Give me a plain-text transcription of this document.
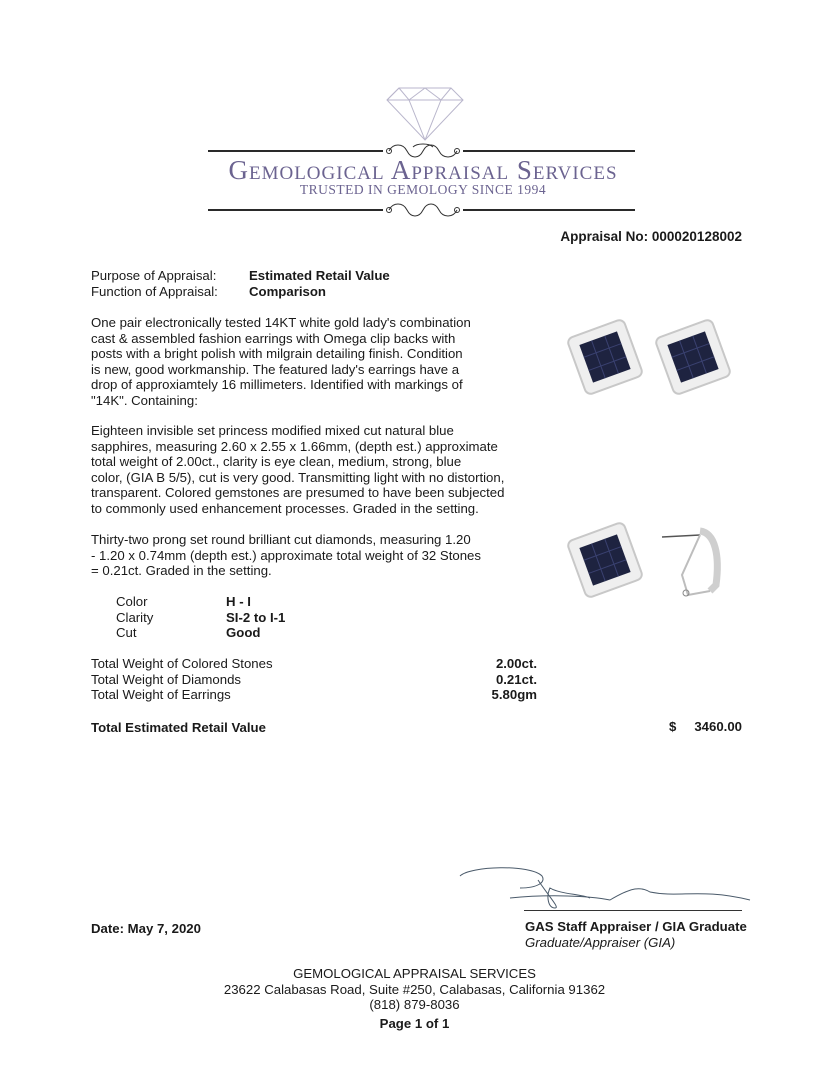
Gemological Appraisal Services
TRUSTED IN GEMOLOGY SINCE 1994
Appraisal No: 000020128002
Purpose of Appraisal: Estimated Retail Value
Function of Appraisal: Comparison
One pair electronically tested 14KT white gold lady's combination
cast & assembled fashion earrings with Omega clip backs with
posts with a bright polish with milgrain detailing finish. Condition
is new, good workmanship. The featured lady's earrings have a
drop of approxiamtely 16 millimeters. Identified with markings of
"14K". Containing:
Eighteen invisible set princess modified mixed cut natural blue
sapphires, measuring 2.60 x 2.55 x 1.66mm, (depth est.) approximate
total weight of 2.00ct., clarity is eye clean, medium, strong, blue
color, (GIA B 5/5), cut is very good. Transmitting light with no distortion,
transparent. Colored gemstones are presumed to have been subjected
to commonly used enhancement processes. Graded in the setting.
Thirty-two prong set round brilliant cut diamonds, measuring 1.20
- 1.20 x 0.74mm (depth est.) approximate total weight of 32 Stones
= 0.21ct. Graded in the setting.
Color	H - I
Clarity	SI-2 to I-1
Cut	Good
Total Weight of Colored Stones	2.00ct.
Total Weight of Diamonds	0.21ct.
Total Weight of Earrings	5.80gm
Total Estimated Retail Value	$ 3460.00
Date: May 7, 2020	GAS Staff Appraiser / GIA Graduate
Graduate/Appraiser (GIA)
GEMOLOGICAL APPRAISAL SERVICES
23622 Calabasas Road, Suite #250, Calabasas, California 91362
(818) 879-8036
Page 1 of 1
